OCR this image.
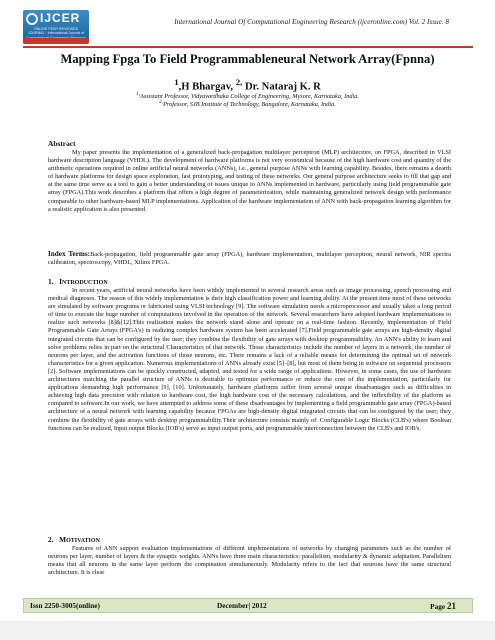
IJCER
ONLINE PEER REVIEWED JOURNAL · International Journal of
International Journal Of Computational Engineering Research (ijceronline.com) Vol. 2 Issue. 8
Mapping Fpga To Field Programmableneural Network Array(Fpnna)
$^1$,H Bhargav, $^{2,}$ Dr. Nataraj K. R
$^{1,}$Assistant Professor, Vidyavardhaka College of Engineering, Mysore, Karnataka, India.
$^{2,}$Professor, SJB Institute of Technology, Bangalore, Karnataka, India.
Abstract
My paper presents the implementation of a generalized back-propagation multilayer perceptron (MLP) architecture, on FPGA, described in VLSI hardware description language (VHDL). The development of hardware platforms is not very economical because of the high hardware cost and quantity of the arithmetic operations required in online artificial neural networks (ANNs), i.e., general purpose ANNs with learning capability. Besides, there remains a dearth of hardware platforms for design space exploration, fast prototyping, and testing of these networks. Our general purpose architecture seeks to fill that gap and at the same time serve as a tool to gain a better understanding of issues unique to ANNs implemented in hardware, particularly using field programmable gate array (FPGA).This work describes a platform that offers a high degree of parameterization, while maintaining generalized network design with performance comparable to other hardware-based MLP implementations. Application of the hardware implementation of ANN with back-propagation learning algorithm for a realistic application is also presented.
Index Terms:Back-propagation, field programmable gate array (FPGA), hardware implementation, multilayer perceptron, neural network, NIR spectra calibration, spectroscopy, VHDL, Xilinx FPGA.
1. INTRODUCTION
In recent years, artificial neural networks have been widely implemented in several research areas such as image processing, speech processing and medical diagnoses. The reason of this widely implementation is their high classification power and learning ability. At the present time most of these networks are simulated by software programs or fabricated using VLSI technology [9]. The software simulation needs a microprocessor and usually takes a long period of time to execute the huge number of computations involved in the operation of the network. Several researchers have adopted hardware implementations to realize such networks [8]&[12].This realization makes the network stand alone and operate on a real-time fashion. Recently, implementation of Field Programmable Gate Arrays (FPGA's) in realizing complex hardware system has been accelerated [7].Field programmable gate arrays are high-density digital integrated circuits that can be configured by the user; they combine the flexibility of gate arrays with desktop programmability. An ANN's ability to learn and solve problems relies in part on the structural Characteristics of that network. Those characteristics include the number of layers in a network, the number of neurons per layer, and the activation functions of those neurons, etc. There remains a lack of a reliable means for determining the optimal set of network characteristics for a given application. Numerous implementations of ANNs already exist [5]–[8], but most of them being in software on sequential processors [2]. Software implementations can be quickly constructed, adapted, and tested for a wide range of applications. However, in some cases, the use of hardware architectures matching the parallel structure of ANNs is desirable to optimize performance or reduce the cost of the implementation, particularly for applications demanding high performance [9], [10]. Unfortunately, hardware platforms suffer from several unique disadvantages such as difficulties in achieving high data precision with relation to hardware cost, the high hardware cost of the necessary calculations, and the inflexibility of the platform as compared to software.In our work, we have attempted to address some of these disadvantages by implementing a field programmable gate array (FPGA)-based architecture of a neural network with learning capability because FPGAs are high-density digital integrated circuits that can be configured by the user; they combine the flexibility of gate arrays with desktop programmability.Their architecture consists mainly of: Configurable Logic Blocks (CLB's) where Boolean functions can be realized, Input output Blocks (IOB's) serve as input output ports, and programmable interconnection between the CLB's and IOB's.
2. MOTIVATION
Features of ANN support evaluation implementations of different implementations of networks by changing parameters such as the number of neurons per layer, number of layers & the synaptic weights. ANNs have three main characteristics: parallelism, modularity & dynamic adaptation. Parallelism means that all neurons in the same layer perform the computation simultaneously. Modularity refers to the fact that neurons have the same structural architecture. It is clear
Issn 2250-3005(online)	December| 2012	Page 21
